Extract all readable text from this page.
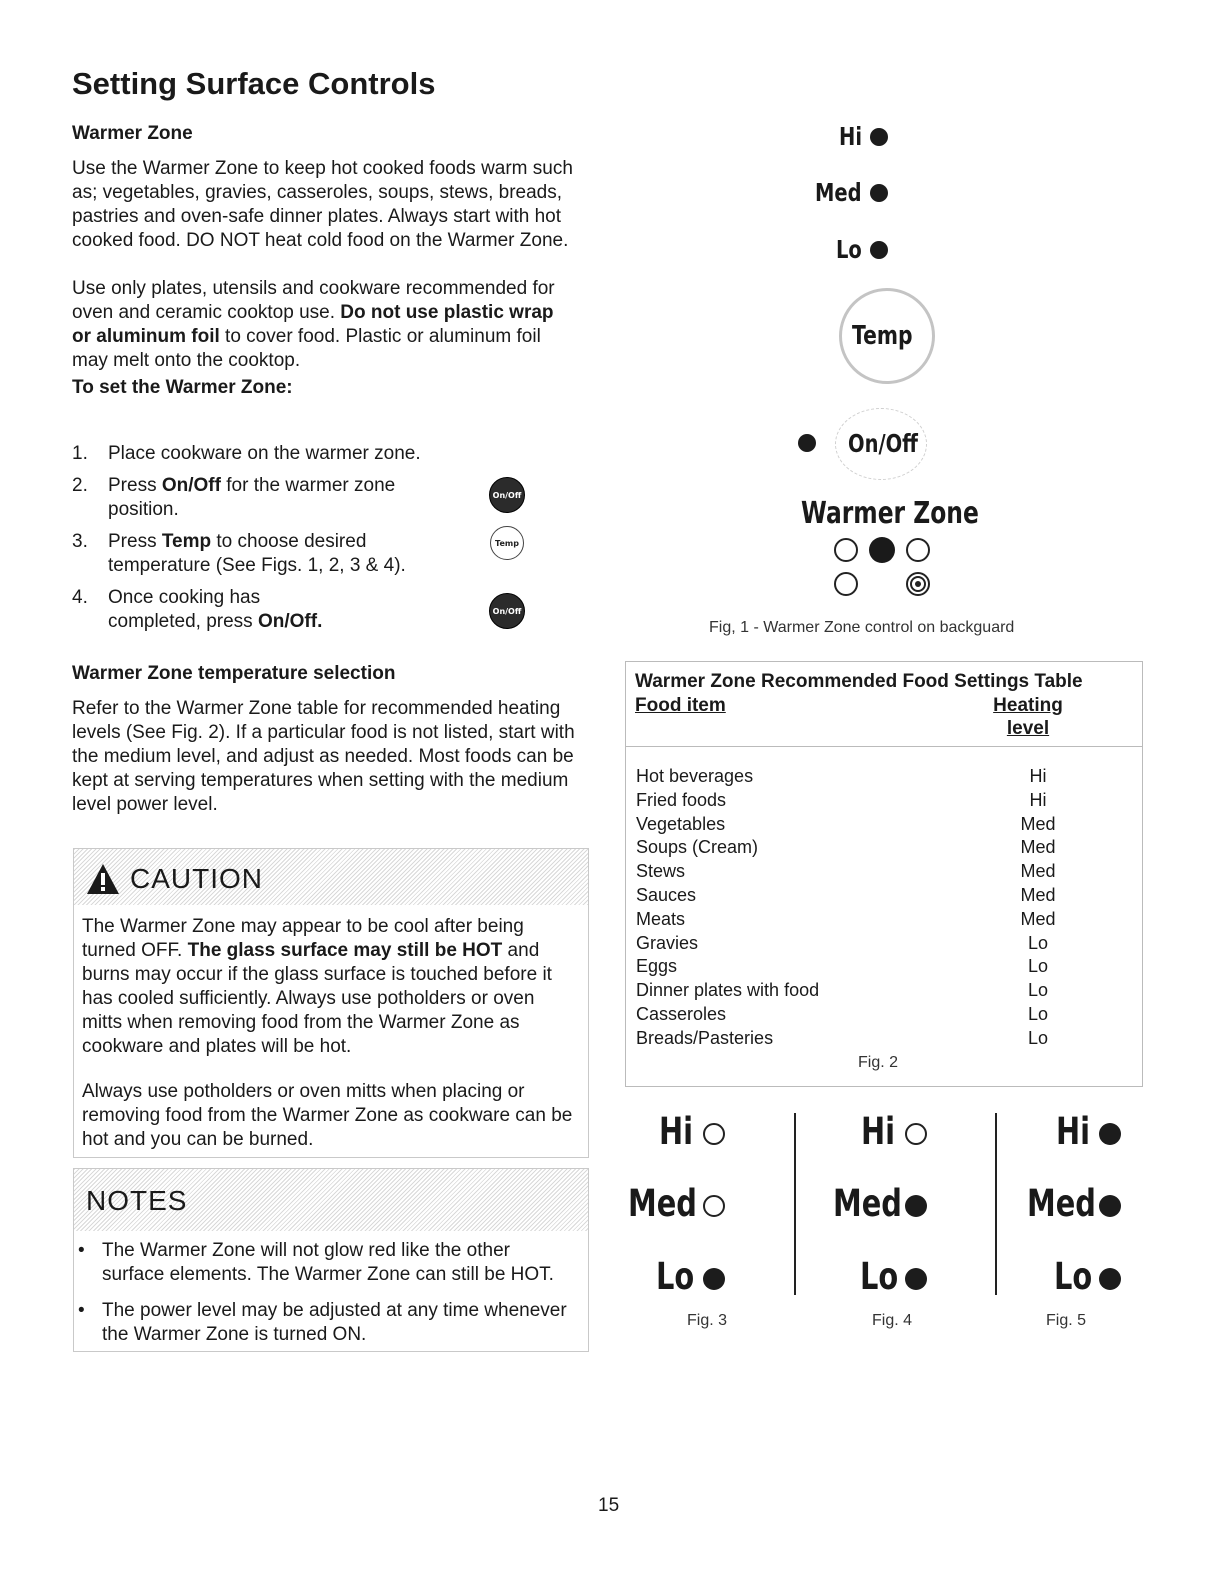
Setting Surface Controls
Warmer Zone

Use the Warmer Zone to keep hot cooked foods warm such as; vegetables, gravies, casseroles, soups, stews, breads, pastries and oven-safe dinner plates. Always start with hot cooked food. DO NOT heat cold food on the Warmer Zone.

Use only plates, utensils and cookware recommended for oven and ceramic cooktop use. Do not use plastic wrap or aluminum foil to cover food. Plastic or aluminum foil may melt onto the cooktop.

To set the Warmer Zone:
1. Place cookware on the warmer zone.
2. Press On/Off for the warmer zone position.
3. Press Temp to choose desired temperature (See Figs. 1, 2, 3 & 4).
4. Once cooking has completed, press On/Off.
On/Off
Temp
On/Off
Warmer Zone temperature selection

Refer to the Warmer Zone table for recommended heating levels (See Fig. 2). If a particular food is not listed, start with the medium level, and adjust as needed. Most foods can be kept at serving temperatures when setting with the medium level power level.

CAUTION

The Warmer Zone may appear to be cool after being turned OFF. The glass surface may still be HOT and burns may occur if the glass surface is touched before it has cooled sufficiently. Always use potholders or oven mitts when removing food from the Warmer Zone as cookware and plates will be hot.

Always use potholders or oven mitts when placing or removing food from the Warmer Zone as cookware can be hot and you can be burned.

NOTES
• The Warmer Zone will not glow red like the other surface elements. The Warmer Zone can still be HOT.
• The power level may be adjusted at any time whenever the Warmer Zone is turned ON.
Hi
Med
Lo
Temp
On/Off
Warmer Zone
Fig, 1 - Warmer Zone control on backguard
Warmer Zone Recommended Food Settings Table
Food item	Heating
level
Hot beverages	Hi
Fried foods	Hi
Vegetables	Med
Soups (Cream)	Med
Stews	Med
Sauces	Med
Meats	Med
Gravies	Lo
Eggs	Lo
Dinner plates with food	Lo
Casseroles	Lo
Breads/Pasteries	Lo
Fig. 2
Hi
Med
Lo
Fig. 3
Hi
Med
Lo
Fig. 4
Hi
Med
Lo
Fig. 5
15
